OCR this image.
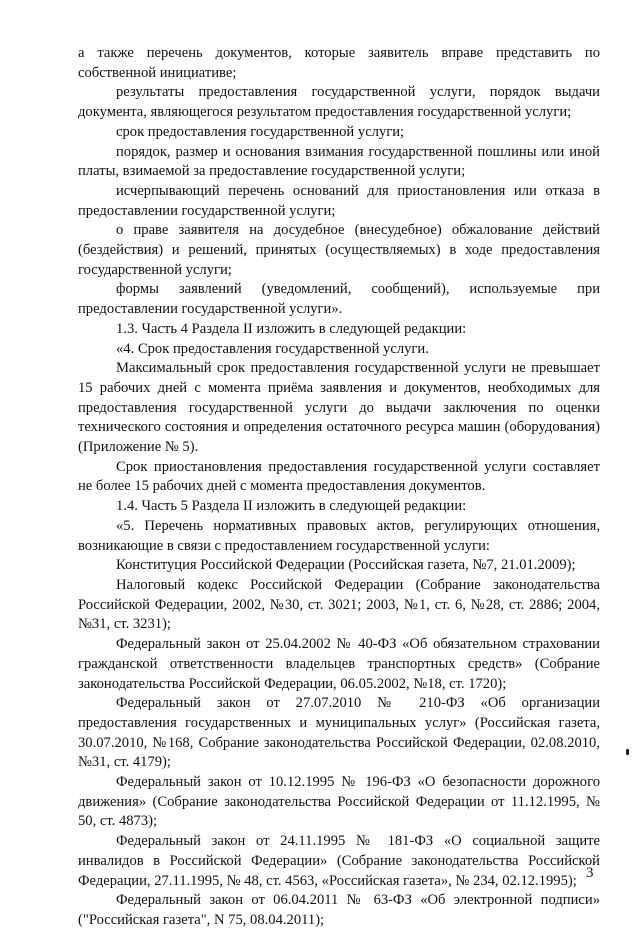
а также перечень документов, которые заявитель вправе представить по собственной инициативе;

результаты предоставления государственной услуги, порядок выдачи документа, являющегося результатом предоставления государственной услуги;

срок предоставления государственной услуги;

порядок, размер и основания взимания государственной пошлины или иной платы, взимаемой за предоставление государственной услуги;

исчерпывающий перечень оснований для приостановления или отказа в предоставлении государственной услуги;

о праве заявителя на досудебное (внесудебное) обжалование действий (бездействия) и решений, принятых (осуществляемых) в ходе предоставления государственной услуги;

формы заявлений (уведомлений, сообщений), используемые при предоставлении государственной услуги».

1.3. Часть 4 Раздела II изложить в следующей редакции:

«4. Срок предоставления государственной услуги.

Максимальный срок предоставления государственной услуги не превышает 15 рабочих дней с момента приёма заявления и документов, необходимых для предоставления государственной услуги до выдачи заключения по оценки технического состояния и определения остаточного ресурса машин (оборудования) (Приложение № 5).

Срок приостановления предоставления государственной услуги составляет не более 15 рабочих дней с момента предоставления документов.

1.4. Часть 5 Раздела II изложить в следующей редакции:

«5. Перечень нормативных правовых актов, регулирующих отношения, возникающие в связи с предоставлением государственной услуги:

Конституция Российской Федерации (Российская газета, №7, 21.01.2009);

Налоговый кодекс Российской Федерации (Собрание законодательства Российской Федерации, 2002, №30, ст. 3021; 2003, №1, ст. 6, №28, ст. 2886; 2004, №31, ст. 3231);

Федеральный закон от 25.04.2002 № 40-ФЗ «Об обязательном страховании гражданской ответственности владельцев транспортных средств» (Собрание законодательства Российской Федерации, 06.05.2002, №18, ст. 1720);

Федеральный закон от 27.07.2010 № 210-ФЗ «Об организации предоставления государственных и муниципальных услуг» (Российская газета, 30.07.2010, №168, Собрание законодательства Российской Федерации, 02.08.2010, №31, ст. 4179);

Федеральный закон от 10.12.1995 № 196-ФЗ «О безопасности дорожного движения» (Собрание законодательства Российской Федерации от 11.12.1995, № 50, ст. 4873);

Федеральный закон от 24.11.1995 № 181-ФЗ «О социальной защите инвалидов в Российской Федерации» (Собрание законодательства Российской Федерации, 27.11.1995, № 48, ст. 4563, «Российская газета», № 234, 02.12.1995);

Федеральный закон от 06.04.2011 № 63-ФЗ «Об электронной подписи» ("Российская газета", N 75, 08.04.2011);

3
